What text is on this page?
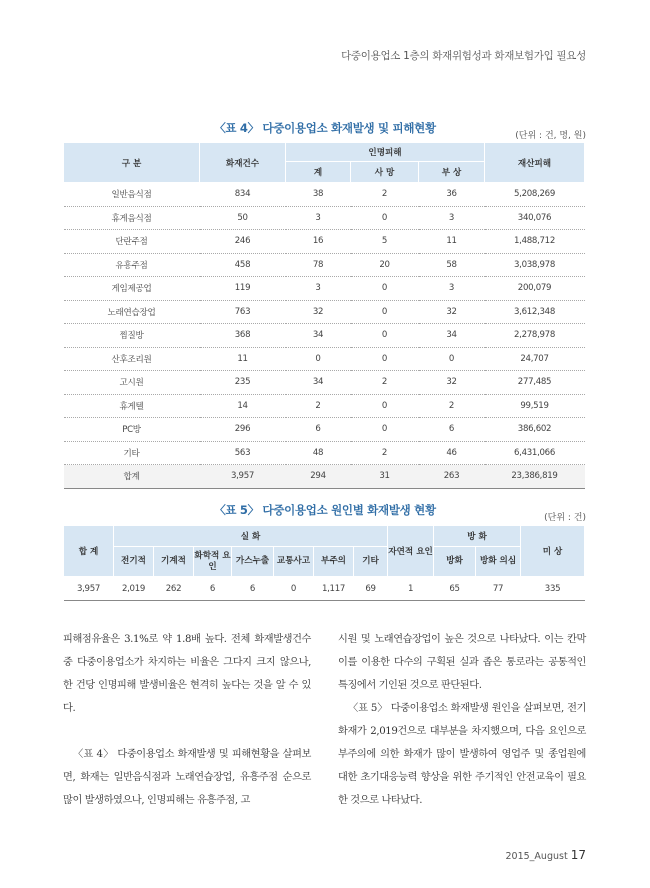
다중이용업소 1층의 화재위험성과 화재보험가입 필요성
〈표 4〉 다중이용업소 화재발생 및 피해현황
(단위 : 건, 명, 원)
구 분	화재건수	인명피해			재산피해
		계	사 망	부 상	
일반음식점	834	38	2	36	5,208,269
휴게음식점	50	3	0	3	340,076
단란주점	246	16	5	11	1,488,712
유흥주점	458	78	20	58	3,038,978
게임제공업	119	3	0	3	200,079
노래연습장업	763	32	0	32	3,612,348
찜질방	368	34	0	34	2,278,978
산후조리원	11	0	0	0	24,707
고시원	235	34	2	32	277,485
휴게텔	14	2	0	2	99,519
PC방	296	6	0	6	386,602
기타	563	48	2	46	6,431,066
합계	3,957	294	31	263	23,386,819
〈표 5〉 다중이용업소 원인별 화재발생 현황
(단위 : 건)
합 계	실 화							자연적 요인	방 화		미 상
	전기적	기계적	화학적 요인	가스누출	교통사고	부주의	기타		방화	방화 의심	
3,957	2,019	262	6	6	0	1,117	69	1	65	77	335

피해점유율은 3.1%로 약 1.8배 높다. 전체 화재발생건수 중 다중이용업소가 차지하는 비율은 그다지 크지 않으나, 한 건당 인명피해 발생비율은 현격히 높다는 것을 알 수 있다.

〈표 4〉 다중이용업소 화재발생 및 피해현황을 살펴보면, 화재는 일반음식점과 노래연습장업, 유흥주점 순으로 많이 발생하였으나, 인명피해는 유흥주점, 고

시원 및 노래연습장업이 높은 것으로 나타났다. 이는 칸막이를 이용한 다수의 구획된 실과 좁은 통로라는 공통적인 특징에서 기인된 것으로 판단된다.

〈표 5〉 다중이용업소 화재발생 원인을 살펴보면, 전기화재가 2,019건으로 대부분을 차지했으며, 다음 요인으로 부주의에 의한 화재가 많이 발생하여 영업주 및 종업원에 대한 초기대응능력 향상을 위한 주기적인 안전교육이 필요한 것으로 나타났다.

2015_August 17
